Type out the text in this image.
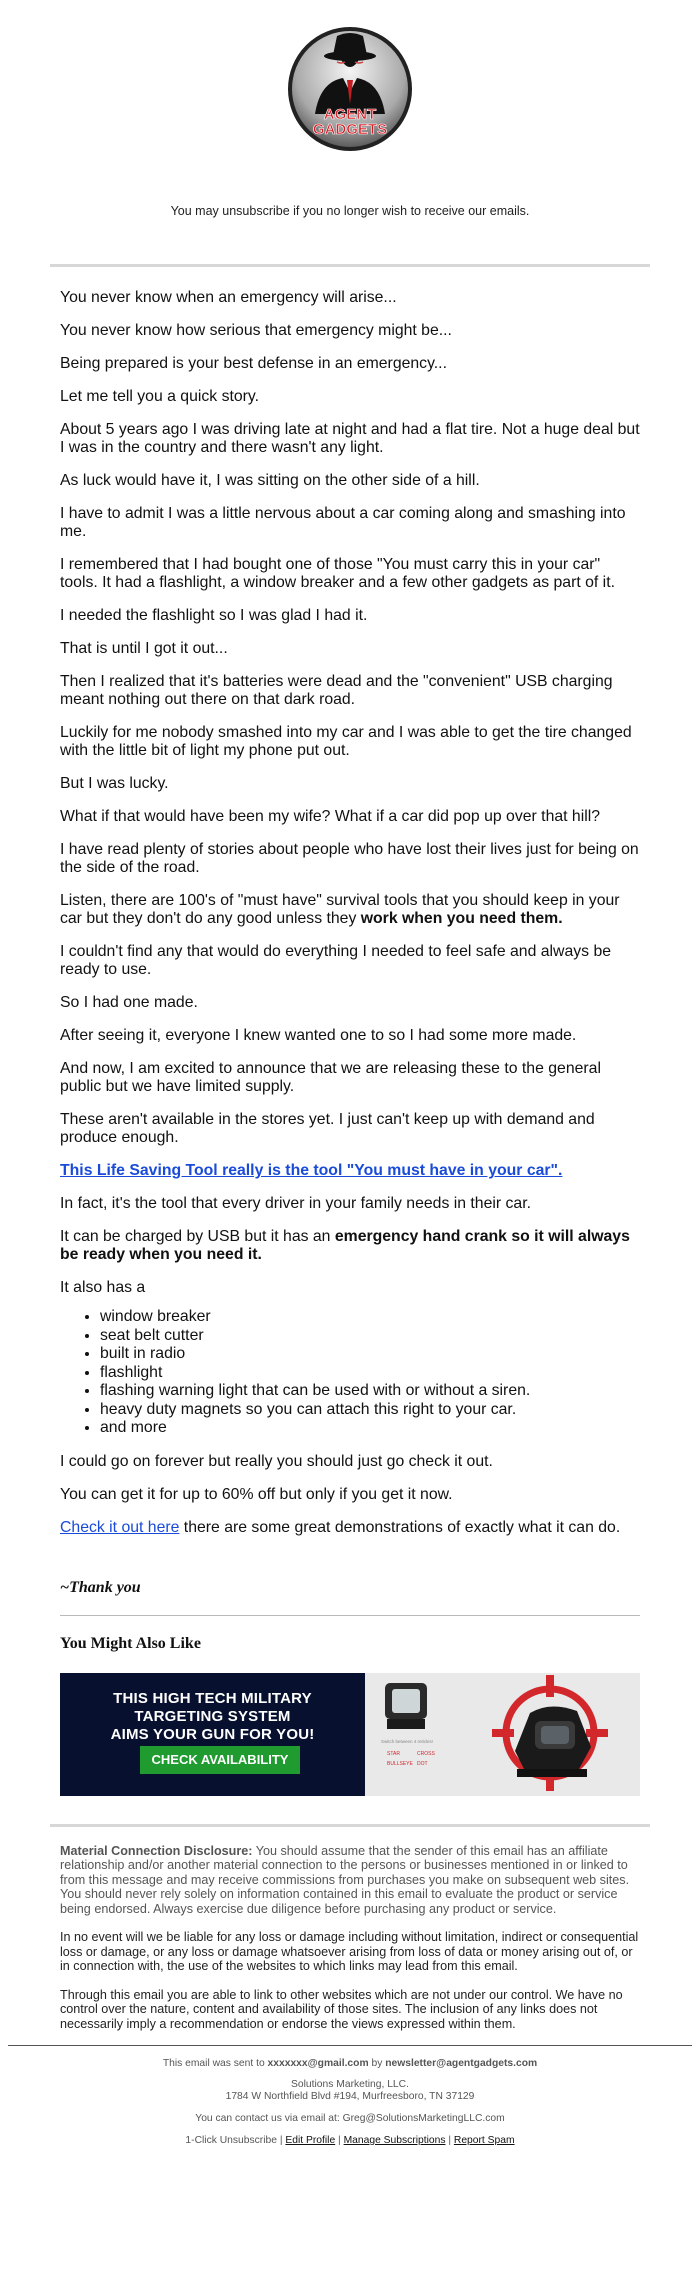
AGENT
GADGETS

You may unsubscribe if you no longer wish to receive our emails.

You never know when an emergency will arise...

You never know how serious that emergency might be...

Being prepared is your best defense in an emergency...

Let me tell you a quick story.

About 5 years ago I was driving late at night and had a flat tire. Not a huge deal but I was in the country and there wasn't any light.

As luck would have it, I was sitting on the other side of a hill.

I have to admit I was a little nervous about a car coming along and smashing into me.

I remembered that I had bought one of those "You must carry this in your car" tools. It had a flashlight, a window breaker and a few other gadgets as part of it.

I needed the flashlight so I was glad I had it.

That is until I got it out...

Then I realized that it's batteries were dead and the "convenient" USB charging meant nothing out there on that dark road.

Luckily for me nobody smashed into my car and I was able to get the tire changed with the little bit of light my phone put out.

But I was lucky.

What if that would have been my wife? What if a car did pop up over that hill?

I have read plenty of stories about people who have lost their lives just for being on the side of the road.

Listen, there are 100's of "must have" survival tools that you should keep in your car but they don't do any good unless they work when you need them.

I couldn't find any that would do everything I needed to feel safe and always be ready to use.

So I had one made.

After seeing it, everyone I knew wanted one to so I had some more made.

And now, I am excited to announce that we are releasing these to the general public but we have limited supply.

These aren't available in the stores yet. I just can't keep up with demand and produce enough.

This Life Saving Tool really is the tool "You must have in your car".

In fact, it's the tool that every driver in your family needs in their car.

It can be charged by USB but it has an emergency hand crank so it will always be ready when you need it.

It also has a

• window breaker
• seat belt cutter
• built in radio
• flashlight
• flashing warning light that can be used with or without a siren.
• heavy duty magnets so you can attach this right to your car.
• and more

I could go on forever but really you should just go check it out.

You can get it for up to 60% off but only if you get it now.

Check it out here there are some great demonstrations of exactly what it can do.

~Thank you
You Might Also Like
THIS HIGH TECH MILITARY
TARGETING SYSTEM
AIMS YOUR GUN FOR YOU!
CHECK AVAILABILITY
Switch between 4 reticles!
STAR	CROSS
BULLSEYE DOT

Material Connection Disclosure: You should assume that the sender of this email has an affiliate relationship and/or another material connection to the persons or businesses mentioned in or linked to from this message and may receive commissions from purchases you make on subsequent web sites. You should never rely solely on information contained in this email to evaluate the product or service being endorsed. Always exercise due diligence before purchasing any product or service.

In no event will we be liable for any loss or damage including without limitation, indirect or consequential loss or damage, or any loss or damage whatsoever arising from loss of data or money arising out of, or in connection with, the use of the websites to which links may lead from this email.

Through this email you are able to link to other websites which are not under our control. We have no control over the nature, content and availability of those sites. The inclusion of any links does not necessarily imply a recommendation or endorse the views expressed within them.

This email was sent to xxxxxxx@gmail.com by newsletter@agentgadgets.com

Solutions Marketing, LLC.

1784 W Northfield Blvd #194, Murfreesboro, TN 37129

You can contact us via email at: Greg@SolutionsMarketingLLC.com

1-Click Unsubscribe | Edit Profile | Manage Subscriptions | Report Spam
